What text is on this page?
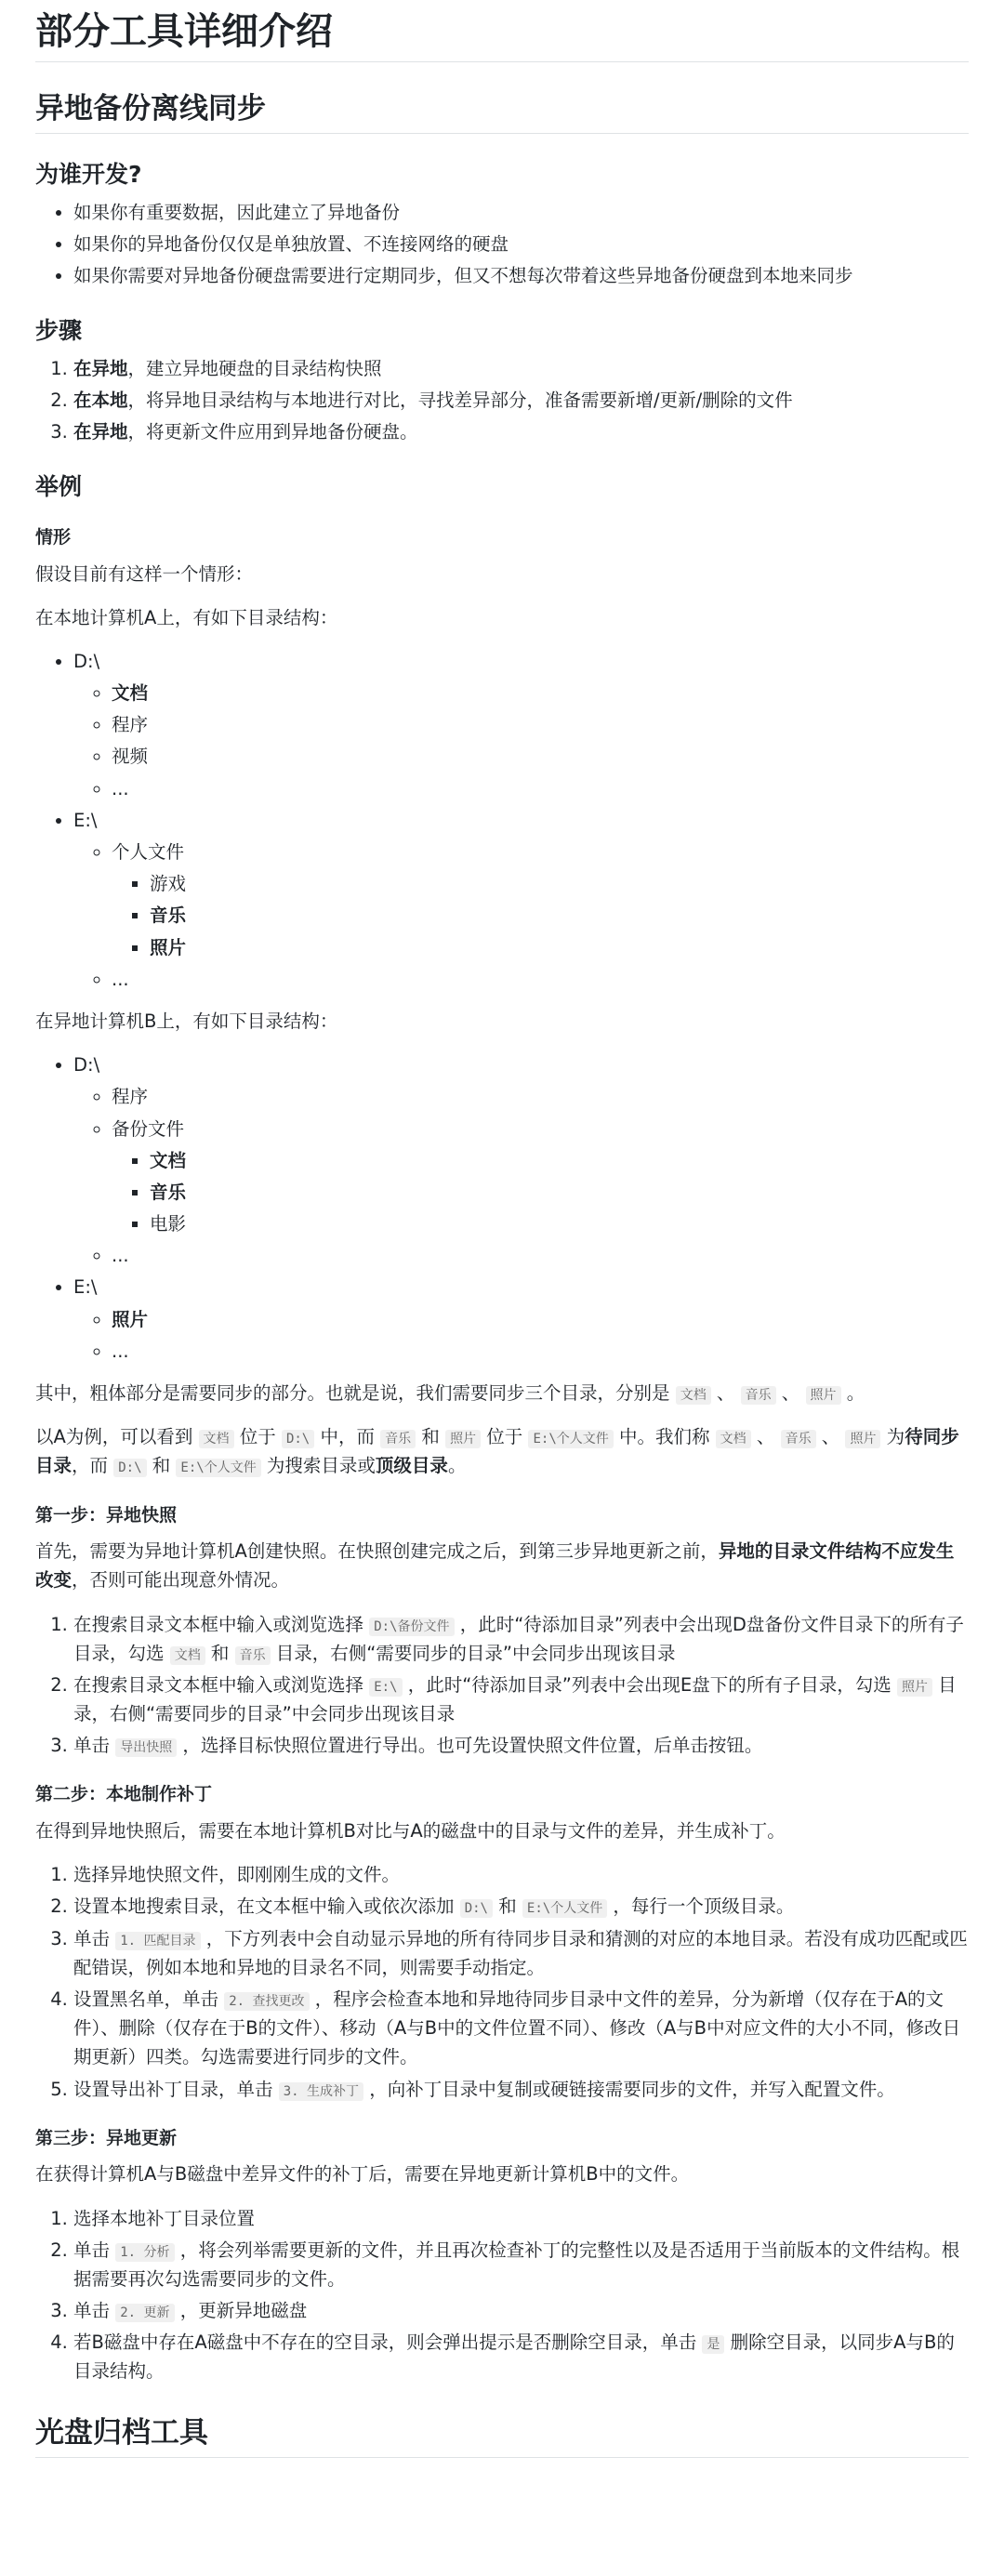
部分工具详细介绍
异地备份离线同步
为谁开发?
• 如果你有重要数据，因此建立了异地备份
• 如果你的异地备份仅仅是单独放置、不连接网络的硬盘
• 如果你需要对异地备份硬盘需要进行定期同步，但又不想每次带着这些异地备份硬盘到本地来同步
步骤
1. 在异地，建立异地硬盘的目录结构快照
2. 在本地，将异地目录结构与本地进行对比，寻找差异部分，准备需要新增/更新/删除的文件
3. 在异地，将更新文件应用到异地备份硬盘。
举例
情形

假设目前有这样一个情形：

在本地计算机A上，有如下目录结构：

• D:\
◦ 文档
◦ 程序
◦ 视频
◦ ...
• E:\
◦ 个人文件
▪ 游戏
▪ 音乐
▪ 照片
◦ ...

在异地计算机B上，有如下目录结构：

• D:\
◦ 程序
◦ 备份文件
▪ 文档
▪ 音乐
▪ 电影
◦ ...
• E:\
◦ 照片
◦ ...

其中，粗体部分是需要同步的部分。也就是说，我们需要同步三个目录，分别是 文档 、 音乐 、 照片 。

以A为例，可以看到 文档 位于 D:\ 中，而 音乐 和 照片 位于 E:\个人文件 中。我们称 文档 、 音乐 、 照片 为待同步目录，而 D:\ 和 E:\个人文件 为搜索目录或顶级目录。

第一步：异地快照

首先，需要为异地计算机A创建快照。在快照创建完成之后，到第三步异地更新之前，异地的目录文件结构不应发生改变，否则可能出现意外情况。

1. 在搜索目录文本框中输入或浏览选择 D:\备份文件 ，此时“待添加目录”列表中会出现D盘备份文件目录下的所有子目录，勾选 文档 和 音乐 目录，右侧“需要同步的目录”中会同步出现该目录
2. 在搜索目录文本框中输入或浏览选择 E:\ ，此时“待添加目录”列表中会出现E盘下的所有子目录，勾选 照片 目录，右侧“需要同步的目录”中会同步出现该目录
3. 单击 导出快照 ，选择目标快照位置进行导出。也可先设置快照文件位置，后单击按钮。
第二步：本地制作补丁

在得到异地快照后，需要在本地计算机B对比与A的磁盘中的目录与文件的差异，并生成补丁。

1. 选择异地快照文件，即刚刚生成的文件。
2. 设置本地搜索目录，在文本框中输入或依次添加 D:\ 和 E:\个人文件 ，每行一个顶级目录。
3. 单击 1. 匹配目录 ，下方列表中会自动显示异地的所有待同步目录和猜测的对应的本地目录。若没有成功匹配或匹配错误，例如本地和异地的目录名不同，则需要手动指定。
4. 设置黑名单，单击 2. 查找更改 ，程序会检查本地和异地待同步目录中文件的差异，分为新增（仅存在于A的文件）、删除（仅存在于B的文件）、移动（A与B中的文件位置不同）、修改（A与B中对应文件的大小不同，修改日期更新）四类。勾选需要进行同步的文件。
5. 设置导出补丁目录，单击 3. 生成补丁 ，向补丁目录中复制或硬链接需要同步的文件，并写入配置文件。
第三步：异地更新

在获得计算机A与B磁盘中差异文件的补丁后，需要在异地更新计算机B中的文件。

1. 选择本地补丁目录位置
2. 单击 1. 分析 ，将会列举需要更新的文件，并且再次检查补丁的完整性以及是否适用于当前版本的文件结构。根据需要再次勾选需要同步的文件。
3. 单击 2. 更新 ，更新异地磁盘
4. 若B磁盘中存在A磁盘中不存在的空目录，则会弹出提示是否删除空目录，单击 是 删除空目录，以同步A与B的目录结构。
光盘归档工具
